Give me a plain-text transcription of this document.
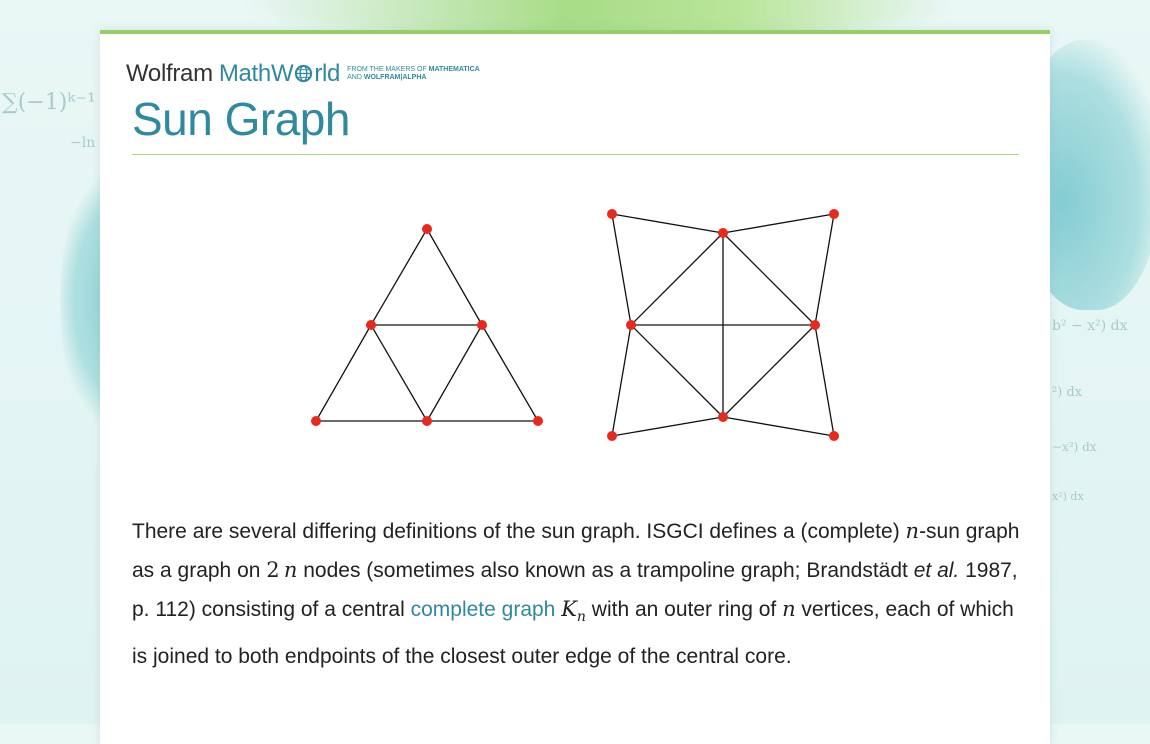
∑(−1)ᵏ⁻¹
−ln
b² − x²) dx
²) dx
−x²) dx
x²) dx
Wolfram MathW rld FROM THE MAKERS OF MATHEMATICA
AND WOLFRAM|ALPHA
Sun Graph

There are several differing definitions of the sun graph. ISGCI defines a (complete) n-sun graph as a graph on 2  n nodes (sometimes also known as a trampoline graph; Brandstädt et al. 1987, p. 112) consisting of a central complete graph $K_n$ with an outer ring of n vertices, each of which is joined to both endpoints of the closest outer edge of the central core.
